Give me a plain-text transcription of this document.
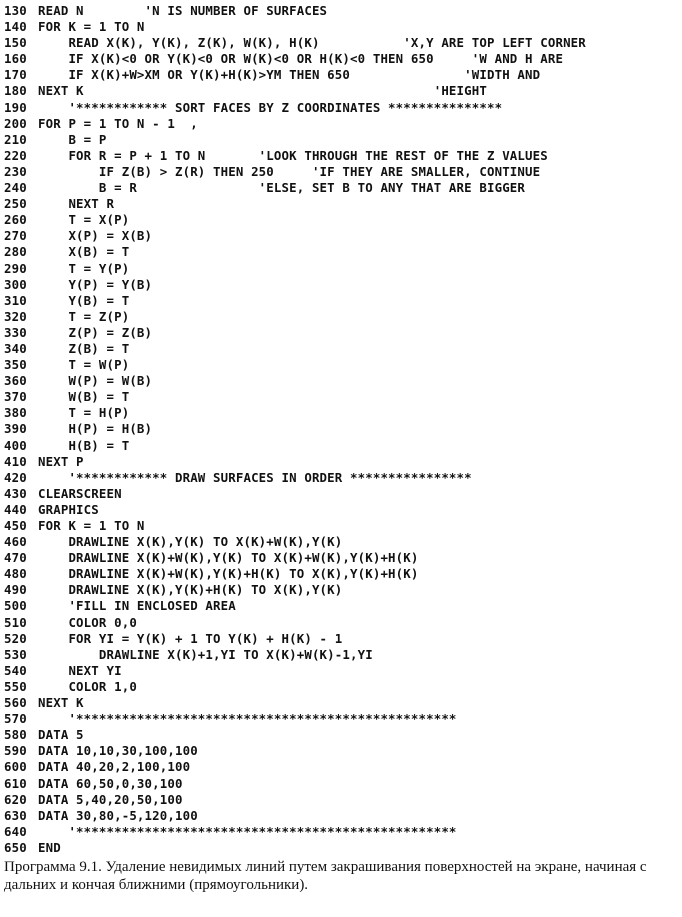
130 READ N        'N IS NUMBER OF SURFACES
140 FOR K = 1 TO N
150    READ X(K), Y(K), Z(K), W(K), H(K)           'X,Y ARE TOP LEFT CORNER
160    IF X(K)<0 OR Y(K)<0 OR W(K)<0 OR H(K)<0 THEN 650     'W AND H ARE
170    IF X(K)+W>XM OR Y(K)+H(K)>YM THEN 650               'WIDTH AND
180 NEXT K                                              'HEIGHT
190    '************ SORT FACES BY Z COORDINATES ***************
200 FOR P = 1 TO N - 1  ,
210    B = P
220    FOR R = P + 1 TO N       'LOOK THROUGH THE REST OF THE Z VALUES
230        IF Z(B) > Z(R) THEN 250     'IF THEY ARE SMALLER, CONTINUE
240        B = R                'ELSE, SET B TO ANY THAT ARE BIGGER
250    NEXT R
260    T = X(P)
270    X(P) = X(B)
280    X(B) = T
290    T = Y(P)
300    Y(P) = Y(B)
310    Y(B) = T
320    T = Z(P)
330    Z(P) = Z(B)
340    Z(B) = T
350    T = W(P)
360    W(P) = W(B)
370    W(B) = T
380    T = H(P)
390    H(P) = H(B)
400    H(B) = T
410 NEXT P
420    '************ DRAW SURFACES IN ORDER ****************
430 CLEARSCREEN
440 GRAPHICS
450 FOR K = 1 TO N
460    DRAWLINE X(K),Y(K) TO X(K)+W(K),Y(K)
470    DRAWLINE X(K)+W(K),Y(K) TO X(K)+W(K),Y(K)+H(K)
480    DRAWLINE X(K)+W(K),Y(K)+H(K) TO X(K),Y(K)+H(K)
490    DRAWLINE X(K),Y(K)+H(K) TO X(K),Y(K)
500    'FILL IN ENCLOSED AREA
510    COLOR 0,0
520    FOR YI = Y(K) + 1 TO Y(K) + H(K) - 1
530        DRAWLINE X(K)+1,YI TO X(K)+W(K)-1,YI
540    NEXT YI
550    COLOR 1,0
560 NEXT K
570    '**************************************************
580 DATA 5
590 DATA 10,10,30,100,100
600 DATA 40,20,2,100,100
610 DATA 60,50,0,30,100
620 DATA 5,40,20,50,100
630 DATA 30,80,-5,120,100
640    '**************************************************
650 END
Программа 9.1. Удаление невидимых линий путем закрашивания поверхностей на экране, начиная с дальних и кончая ближними (прямоугольники).
